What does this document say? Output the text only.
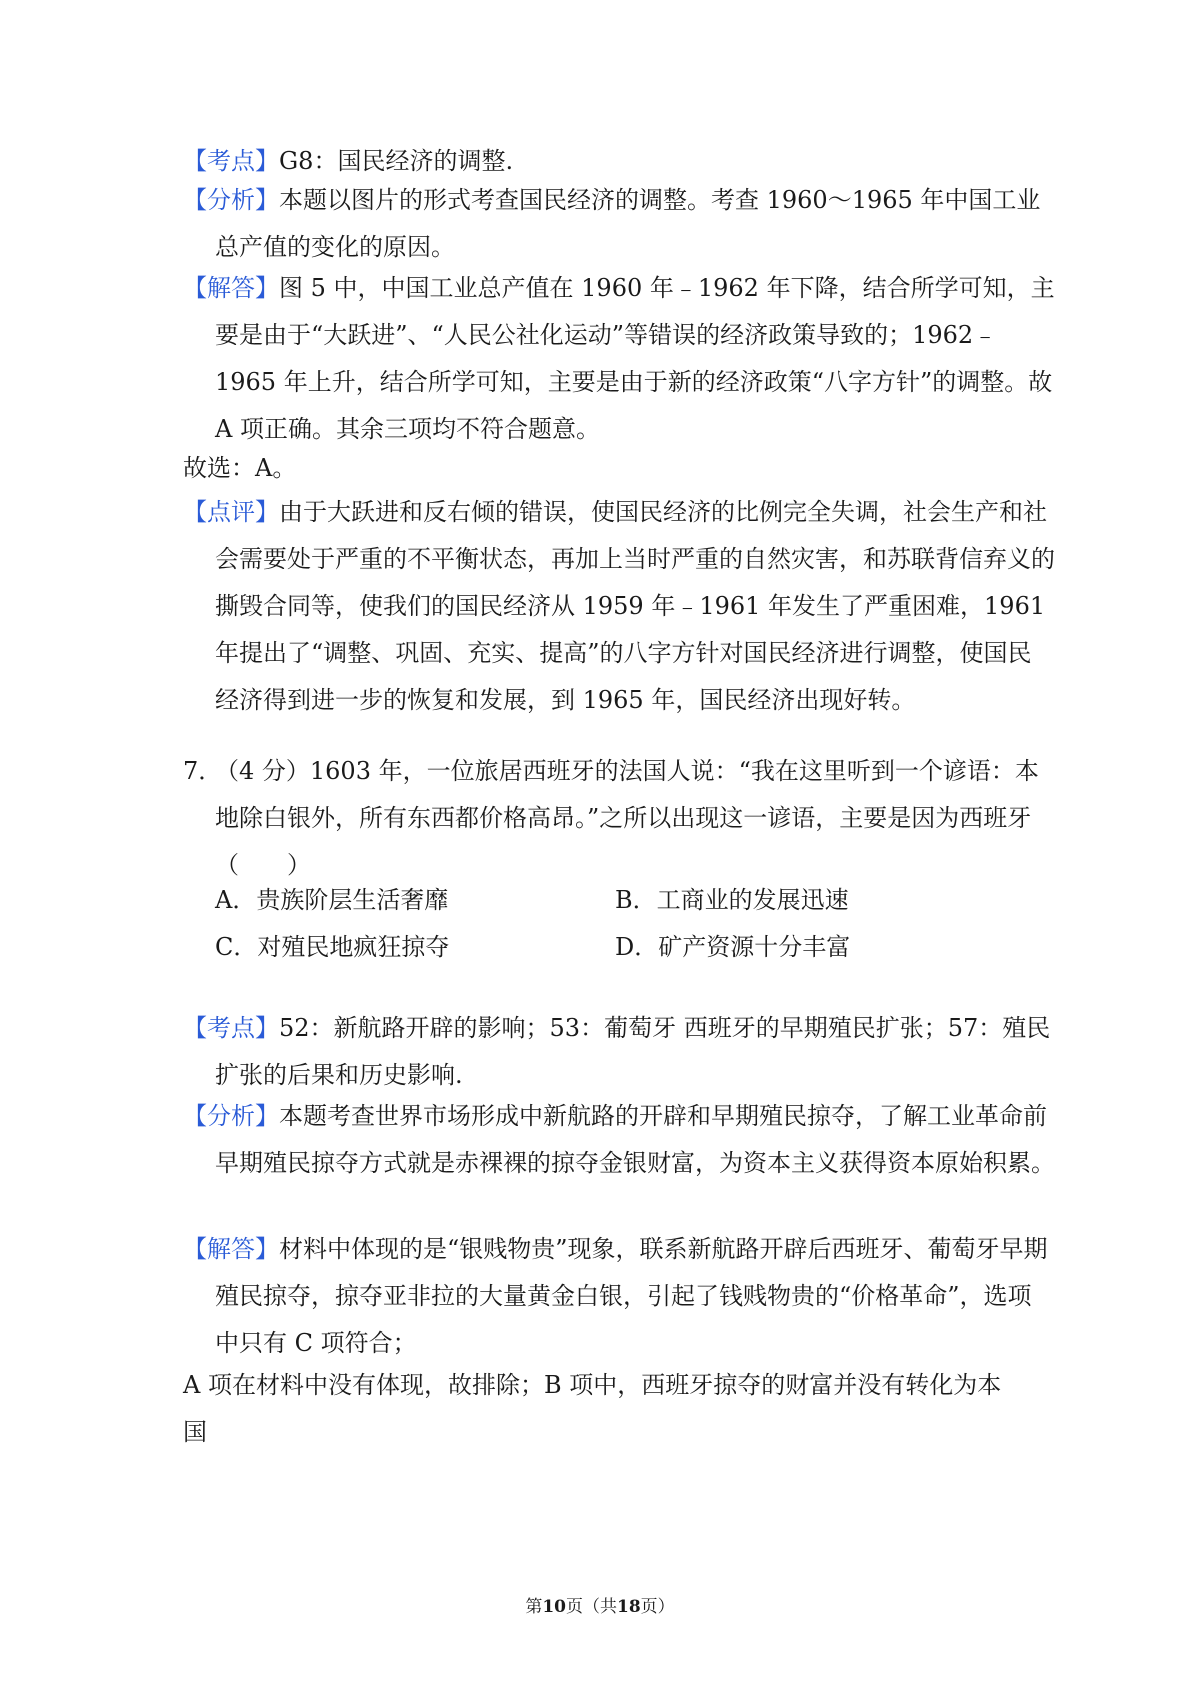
【考点】G8：国民经济的调整.

【分析】本题以图片的形式考查国民经济的调整。考查 1960～1965 年中国工业总产值的变化的原因。

【解答】图 5 中，中国工业总产值在 1960 年﹣1962 年下降，结合所学可知，主要是由于“大跃进”、“人民公社化运动”等错误的经济政策导致的；1962﹣1965 年上升，结合所学可知，主要是由于新的经济政策“八字方针”的调整。故 A 项正确。其余三项均不符合题意。

故选：A。

【点评】由于大跃进和反右倾的错误，使国民经济的比例完全失调，社会生产和社会需要处于严重的不平衡状态，再加上当时严重的自然灾害，和苏联背信弃义的撕毁合同等，使我们的国民经济从 1959 年﹣1961 年发生了严重困难，1961 年提出了“调整、巩固、充实、提高”的八字方针对国民经济进行调整，使国民经济得到进一步的恢复和发展，到 1965 年，国民经济出现好转。

7．（4 分）1603 年，一位旅居西班牙的法国人说：“我在这里听到一个谚语：本地除白银外，所有东西都价格高昂。”之所以出现这一谚语，主要是因为西班牙（　　）

A．贵族阶层生活奢靡	B．工商业的发展迅速
C．对殖民地疯狂掠夺	D．矿产资源十分丰富

【考点】52：新航路开辟的影响；53：葡萄牙 西班牙的早期殖民扩张；57：殖民扩张的后果和历史影响.

【分析】本题考查世界市场形成中新航路的开辟和早期殖民掠夺，了解工业革命前早期殖民掠夺方式就是赤裸裸的掠夺金银财富，为资本主义获得资本原始积累。

【解答】材料中体现的是“银贱物贵”现象，联系新航路开辟后西班牙、葡萄牙早期殖民掠夺，掠夺亚非拉的大量黄金白银，引起了钱贱物贵的“价格革命”，选项中只有 C 项符合；

A 项在材料中没有体现，故排除；B 项中，西班牙掠夺的财富并没有转化为本国

第10页（共18页）
